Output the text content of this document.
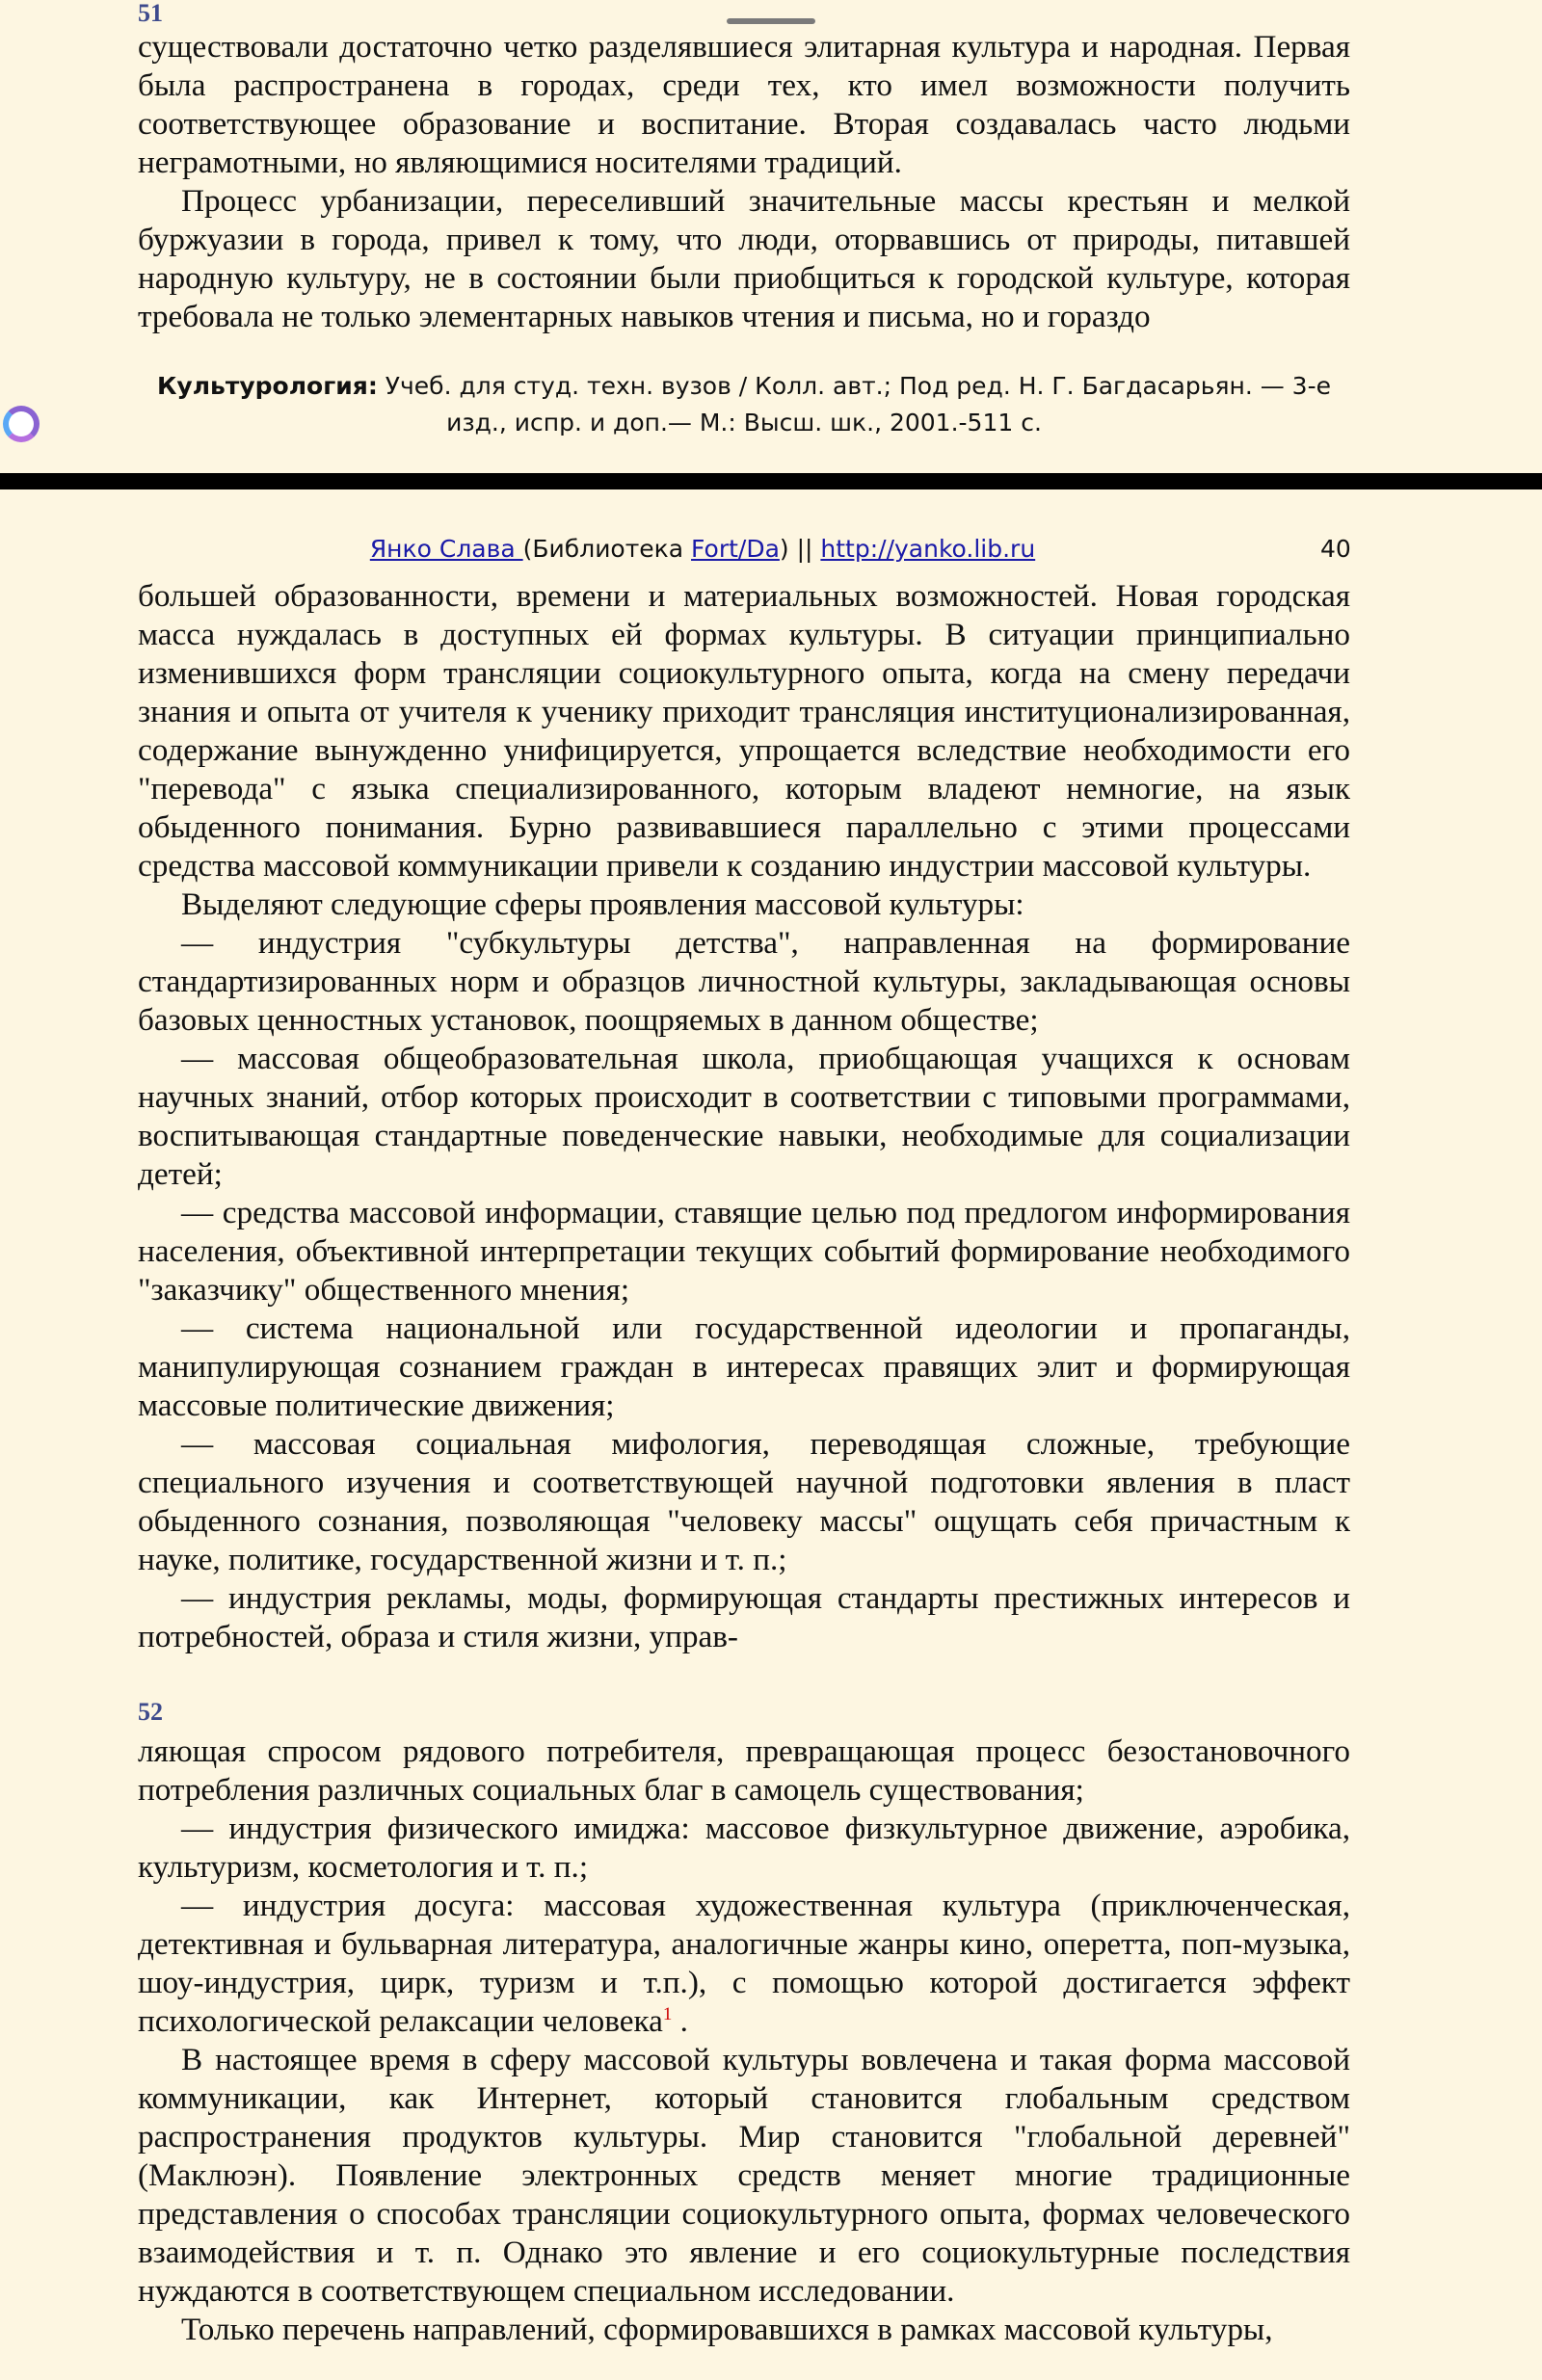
51

существовали достаточно четко разделявшиеся элитарная культура и народная. Первая была распространена в городах, среди тех, кто имел возможности получить соответствующее образование и воспитание. Вторая создавалась часто людьми неграмотными, но являющимися носителями традиций.

Процесс урбанизации, переселивший значительные массы крестьян и мелкой буржуазии в города, привел к тому, что люди, оторвавшись от природы, питавшей народную культуру, не в состоянии были приобщиться к городской культуре, которая требовала не только элементарных навыков чтения и письма, но и гораздо

Культурология: Учеб. для студ. техн. вузов / Колл. авт.; Под ред. Н. Г. Багдасарьян. — 3-е изд., испр. и доп.— М.: Высш. шк., 2001.-511 с.
Янко Слава (Библиотека Fort/Da) || http://yanko.lib.ru	40

большей образованности, времени и материальных возможностей. Новая городская масса нуждалась в доступных ей формах культуры. В ситуации принципиально изменившихся форм трансляции социокультурного опыта, когда на смену передачи знания и опыта от учителя к ученику приходит трансляция институционализированная, содержание вынужденно унифицируется, упрощается вследствие необходимости его "перевода" с языка специализированного, которым владеют немногие, на язык обыденного понимания. Бурно развивавшиеся параллельно с этими процессами средства массовой коммуникации привели к созданию индустрии массовой культуры.

Выделяют следующие сферы проявления массовой культуры:

— индустрия "субкультуры детства", направленная на формирование стандартизированных норм и образцов личностной культуры, закладывающая основы базовых ценностных установок, поощряемых в данном обществе;

— массовая общеобразовательная школа, приобщающая учащихся к основам научных знаний, отбор которых происходит в соответствии с типовыми программами, воспитывающая стандартные поведенческие навыки, необходимые для социализации детей;

— средства массовой информации, ставящие целью под предлогом информирования населения, объективной интерпретации текущих событий формирование необходимого "заказчику" общественного мнения;

— система национальной или государственной идеологии и пропаганды, манипулирующая сознанием граждан в интересах правящих элит и формирующая массовые политические движения;

— массовая социальная мифология, переводящая сложные, требующие специального изучения и соответствующей научной подготовки явления в пласт обыденного сознания, позволяющая "человеку массы" ощущать себя причастным к науке, политике, государственной жизни и т. п.;

— индустрия рекламы, моды, формирующая стандарты престижных интересов и потребностей, образа и стиля жизни, управ-

52

ляющая спросом рядового потребителя, превращающая процесс безостановочного потребления различных социальных благ в самоцель существования;

— индустрия физического имиджа: массовое физкультурное движение, аэробика, культуризм, косметология и т. п.;

— индустрия досуга: массовая художественная культура (приключенческая, детективная и бульварная литература, аналогичные жанры кино, оперетта, поп-музыка, шоу-индустрия, цирк, туризм и т.п.), с помощью которой достигается эффект психологической релаксации человека$^1$ .

В настоящее время в сферу массовой культуры вовлечена и такая форма массовой коммуникации, как Интернет, который становится глобальным средством распространения продуктов культуры. Мир становится "глобальной деревней" (Маклюэн). Появление электронных средств меняет многие традиционные представления о способах трансляции социокультурного опыта, формах человеческого взаимодействия и т. п. Однако это явление и его социокультурные последствия нуждаются в соответствующем специальном исследовании.

Только перечень направлений, сформировавшихся в рамках массовой культуры,
